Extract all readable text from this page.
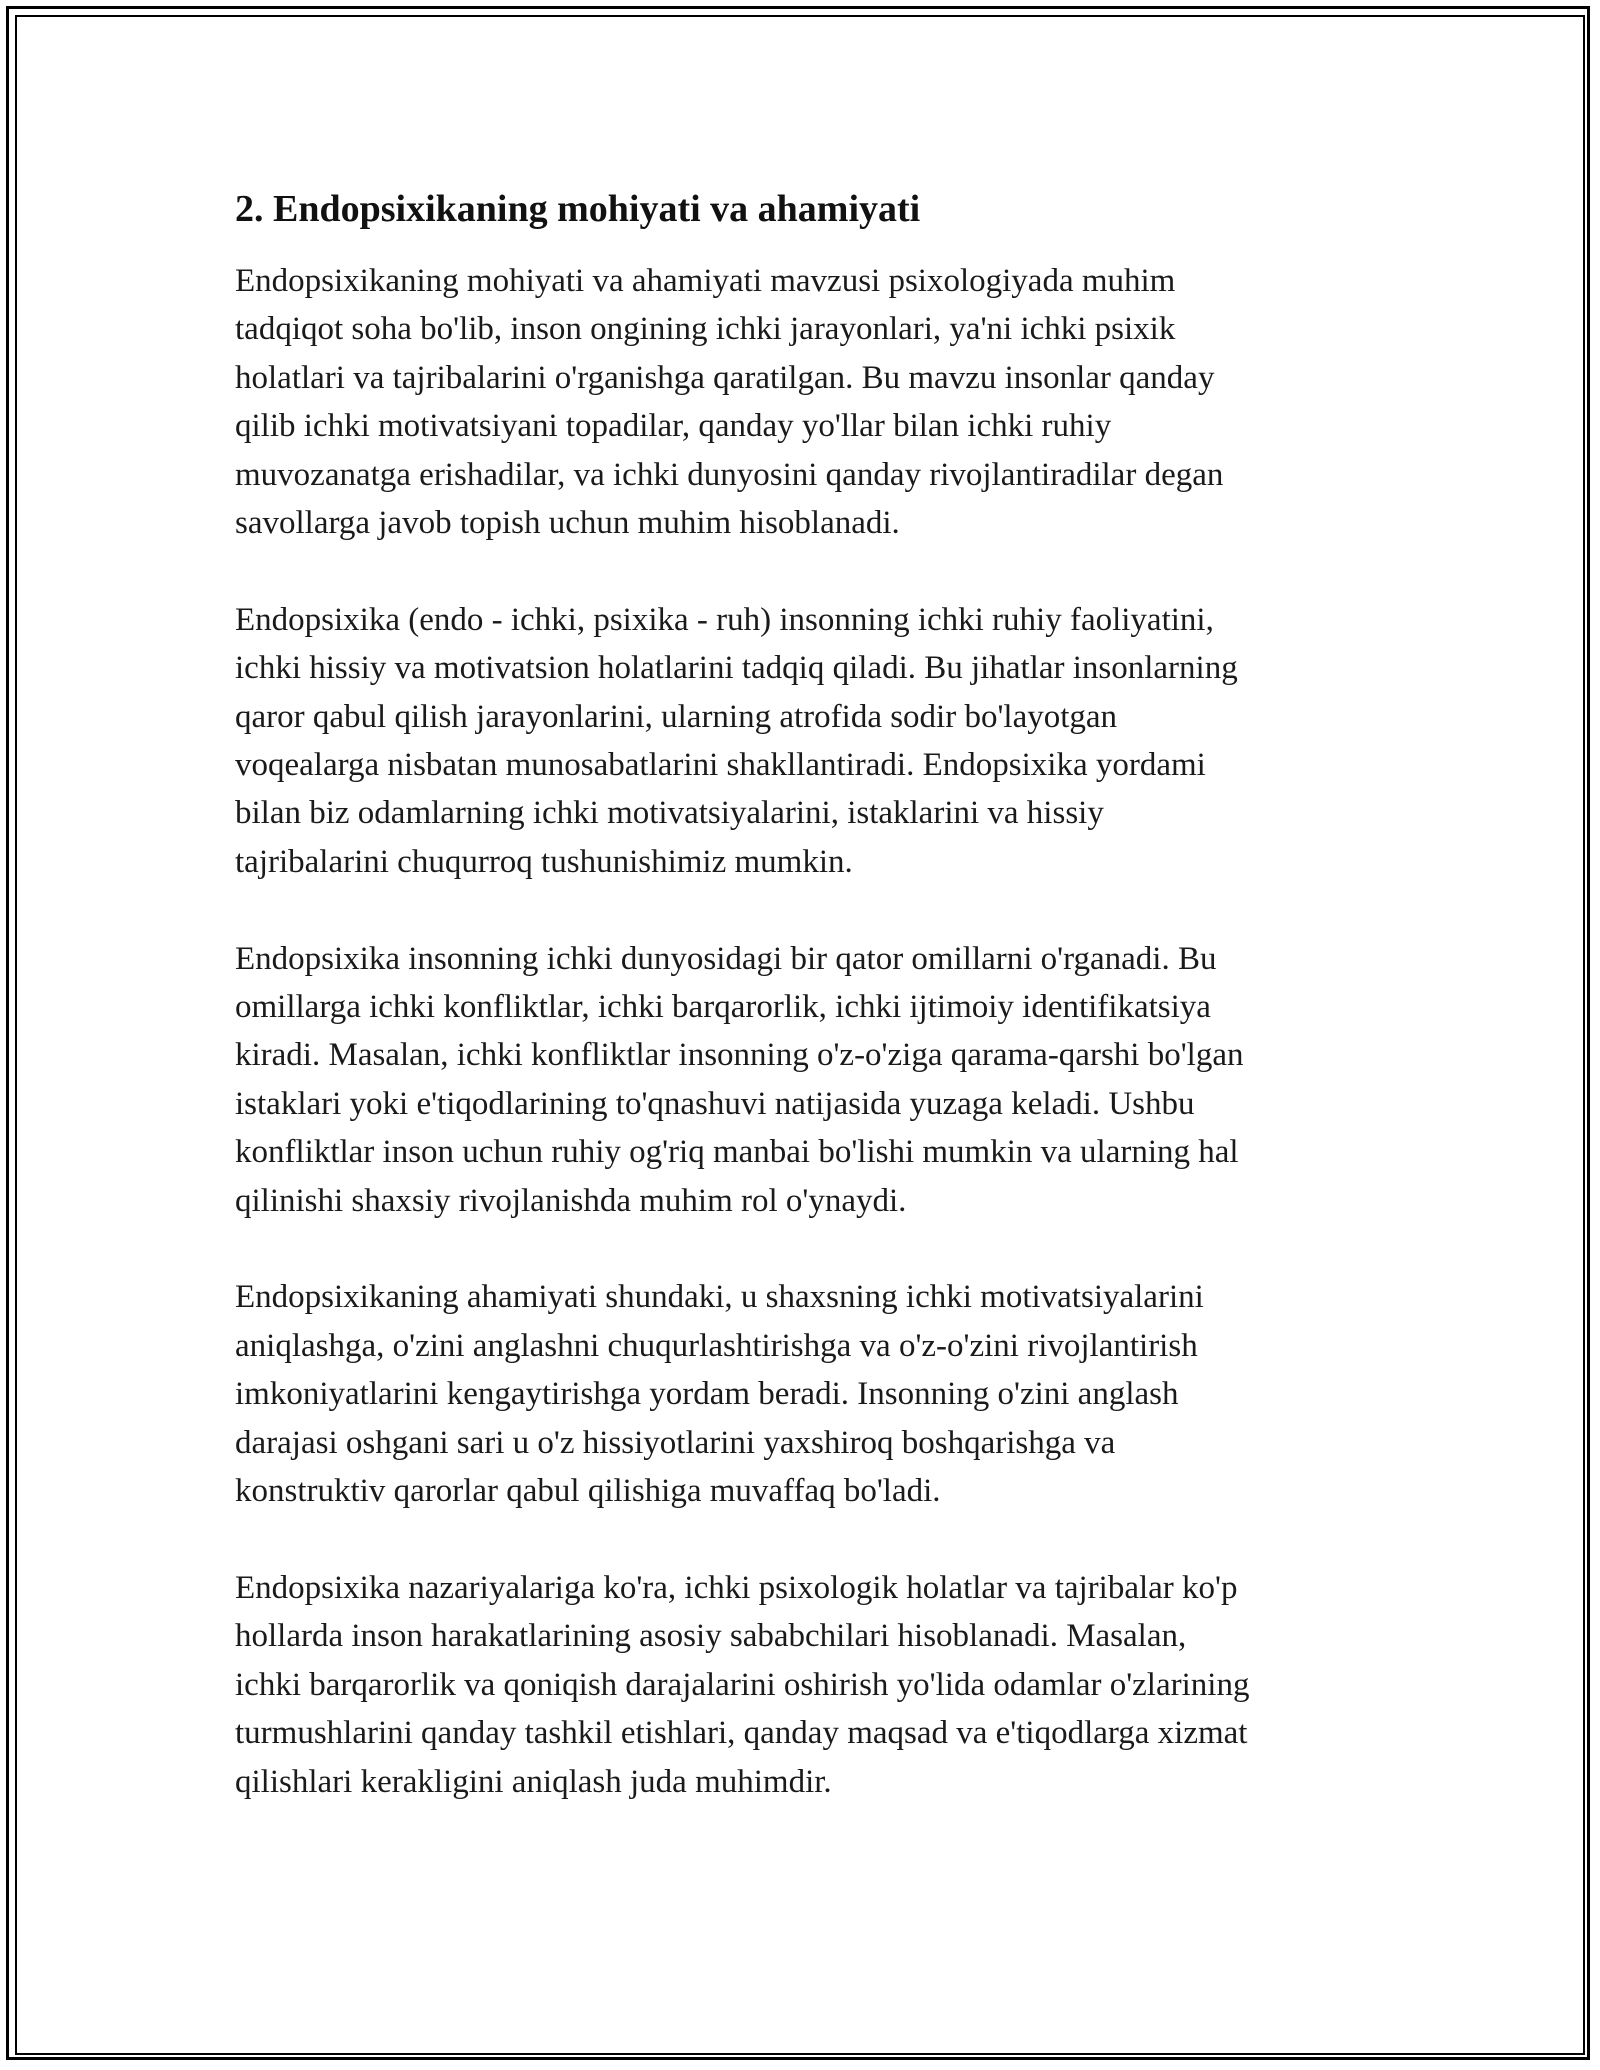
2. Endopsixikaning mohiyati va ahamiyati

Endopsixikaning mohiyati va ahamiyati mavzusi psixologiyada muhim
tadqiqot soha bo'lib, inson ongining ichki jarayonlari, ya'ni ichki psixik
holatlari va tajribalarini o'rganishga qaratilgan. Bu mavzu insonlar qanday
qilib ichki motivatsiyani topadilar, qanday yo'llar bilan ichki ruhiy
muvozanatga erishadilar, va ichki dunyosini qanday rivojlantiradilar degan
savollarga javob topish uchun muhim hisoblanadi.

Endopsixika (endo - ichki, psixika - ruh) insonning ichki ruhiy faoliyatini,
ichki hissiy va motivatsion holatlarini tadqiq qiladi. Bu jihatlar insonlarning
qaror qabul qilish jarayonlarini, ularning atrofida sodir bo'layotgan
voqealarga nisbatan munosabatlarini shakllantiradi. Endopsixika yordami
bilan biz odamlarning ichki motivatsiyalarini, istaklarini va hissiy
tajribalarini chuqurroq tushunishimiz mumkin.

Endopsixika insonning ichki dunyosidagi bir qator omillarni o'rganadi. Bu
omillarga ichki konfliktlar, ichki barqarorlik, ichki ijtimoiy identifikatsiya
kiradi. Masalan, ichki konfliktlar insonning o'z-o'ziga qarama-qarshi bo'lgan
istaklari yoki e'tiqodlarining to'qnashuvi natijasida yuzaga keladi. Ushbu
konfliktlar inson uchun ruhiy og'riq manbai bo'lishi mumkin va ularning hal
qilinishi shaxsiy rivojlanishda muhim rol o'ynaydi.

Endopsixikaning ahamiyati shundaki, u shaxsning ichki motivatsiyalarini
aniqlashga, o'zini anglashni chuqurlashtirishga va o'z-o'zini rivojlantirish
imkoniyatlarini kengaytirishga yordam beradi. Insonning o'zini anglash
darajasi oshgani sari u o'z hissiyotlarini yaxshiroq boshqarishga va
konstruktiv qarorlar qabul qilishiga muvaffaq bo'ladi.

Endopsixika nazariyalariga ko'ra, ichki psixologik holatlar va tajribalar ko'p
hollarda inson harakatlarining asosiy sababchilari hisoblanadi. Masalan,
ichki barqarorlik va qoniqish darajalarini oshirish yo'lida odamlar o'zlarining
turmushlarini qanday tashkil etishlari, qanday maqsad va e'tiqodlarga xizmat
qilishlari kerakligini aniqlash juda muhimdir.
